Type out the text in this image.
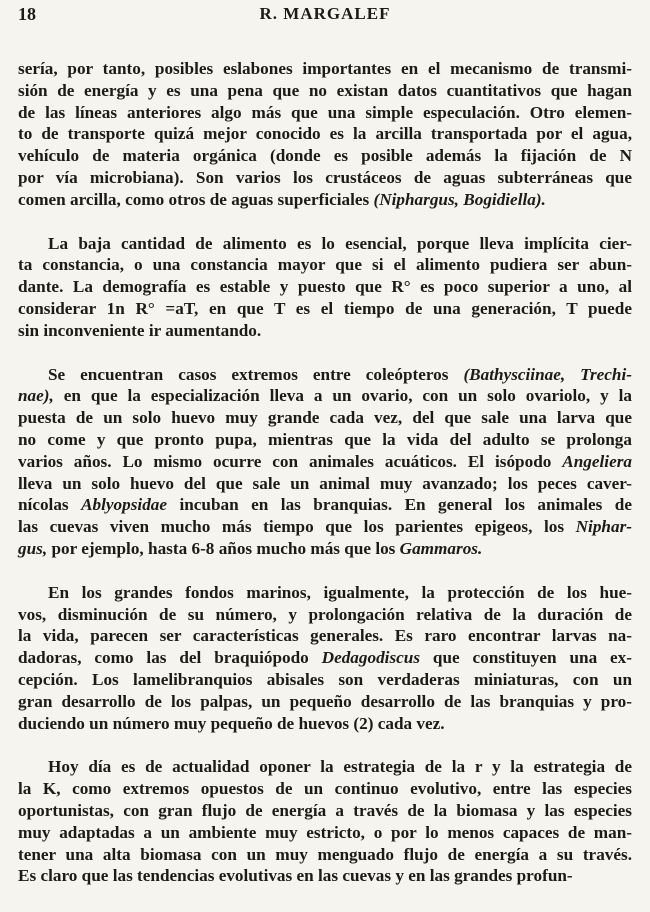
18	R. MARGALEF
sería, por tanto, posibles eslabones importantes en el mecanismo de transmi-
sión de energía y es una pena que no existan datos cuantitativos que hagan
de las líneas anteriores algo más que una simple especulación. Otro elemen-
to de transporte quizá mejor conocido es la arcilla transportada por el agua,
vehículo de materia orgánica (donde es posible además la fijación de N
por vía microbiana). Son varios los crustáceos de aguas subterráneas que
comen arcilla, como otros de aguas superficiales (Niphargus, Bogidiella).
La baja cantidad de alimento es lo esencial, porque lleva implícita cier-
ta constancia, o una constancia mayor que si el alimento pudiera ser abun-
dante. La demografía es estable y puesto que R° es poco superior a uno, al
considerar 1n R° =aT, en que T es el tiempo de una generación, T puede
sin inconveniente ir aumentando.
Se encuentran casos extremos entre coleópteros (Bathysciinae, Trechi-
nae), en que la especialización lleva a un ovario, con un solo ovariolo, y la
puesta de un solo huevo muy grande cada vez, del que sale una larva que
no come y que pronto pupa, mientras que la vida del adulto se prolonga
varios años. Lo mismo ocurre con animales acuáticos. El isópodo Angeliera
lleva un solo huevo del que sale un animal muy avanzado; los peces caver-
nícolas Ablyopsidae incuban en las branquias. En general los animales de
las cuevas viven mucho más tiempo que los parientes epigeos, los Niphar-
gus, por ejemplo, hasta 6-8 años mucho más que los Gammaros.
En los grandes fondos marinos, igualmente, la protección de los hue-
vos, disminución de su número, y prolongación relativa de la duración de
la vida, parecen ser características generales. Es raro encontrar larvas na-
dadoras, como las del braquiópodo Dedagodiscus que constituyen una ex-
cepción. Los lamelibranquios abisales son verdaderas miniaturas, con un
gran desarrollo de los palpas, un pequeño desarrollo de las branquias y pro-
duciendo un número muy pequeño de huevos (2) cada vez.
Hoy día es de actualidad oponer la estrategia de la r y la estrategia de
la K, como extremos opuestos de un continuo evolutivo, entre las especies
oportunistas, con gran flujo de energía a través de la biomasa y las especies
muy adaptadas a un ambiente muy estricto, o por lo menos capaces de man-
tener una alta biomasa con un muy menguado flujo de energía a su través.
Es claro que las tendencias evolutivas en las cuevas y en las grandes profun-
